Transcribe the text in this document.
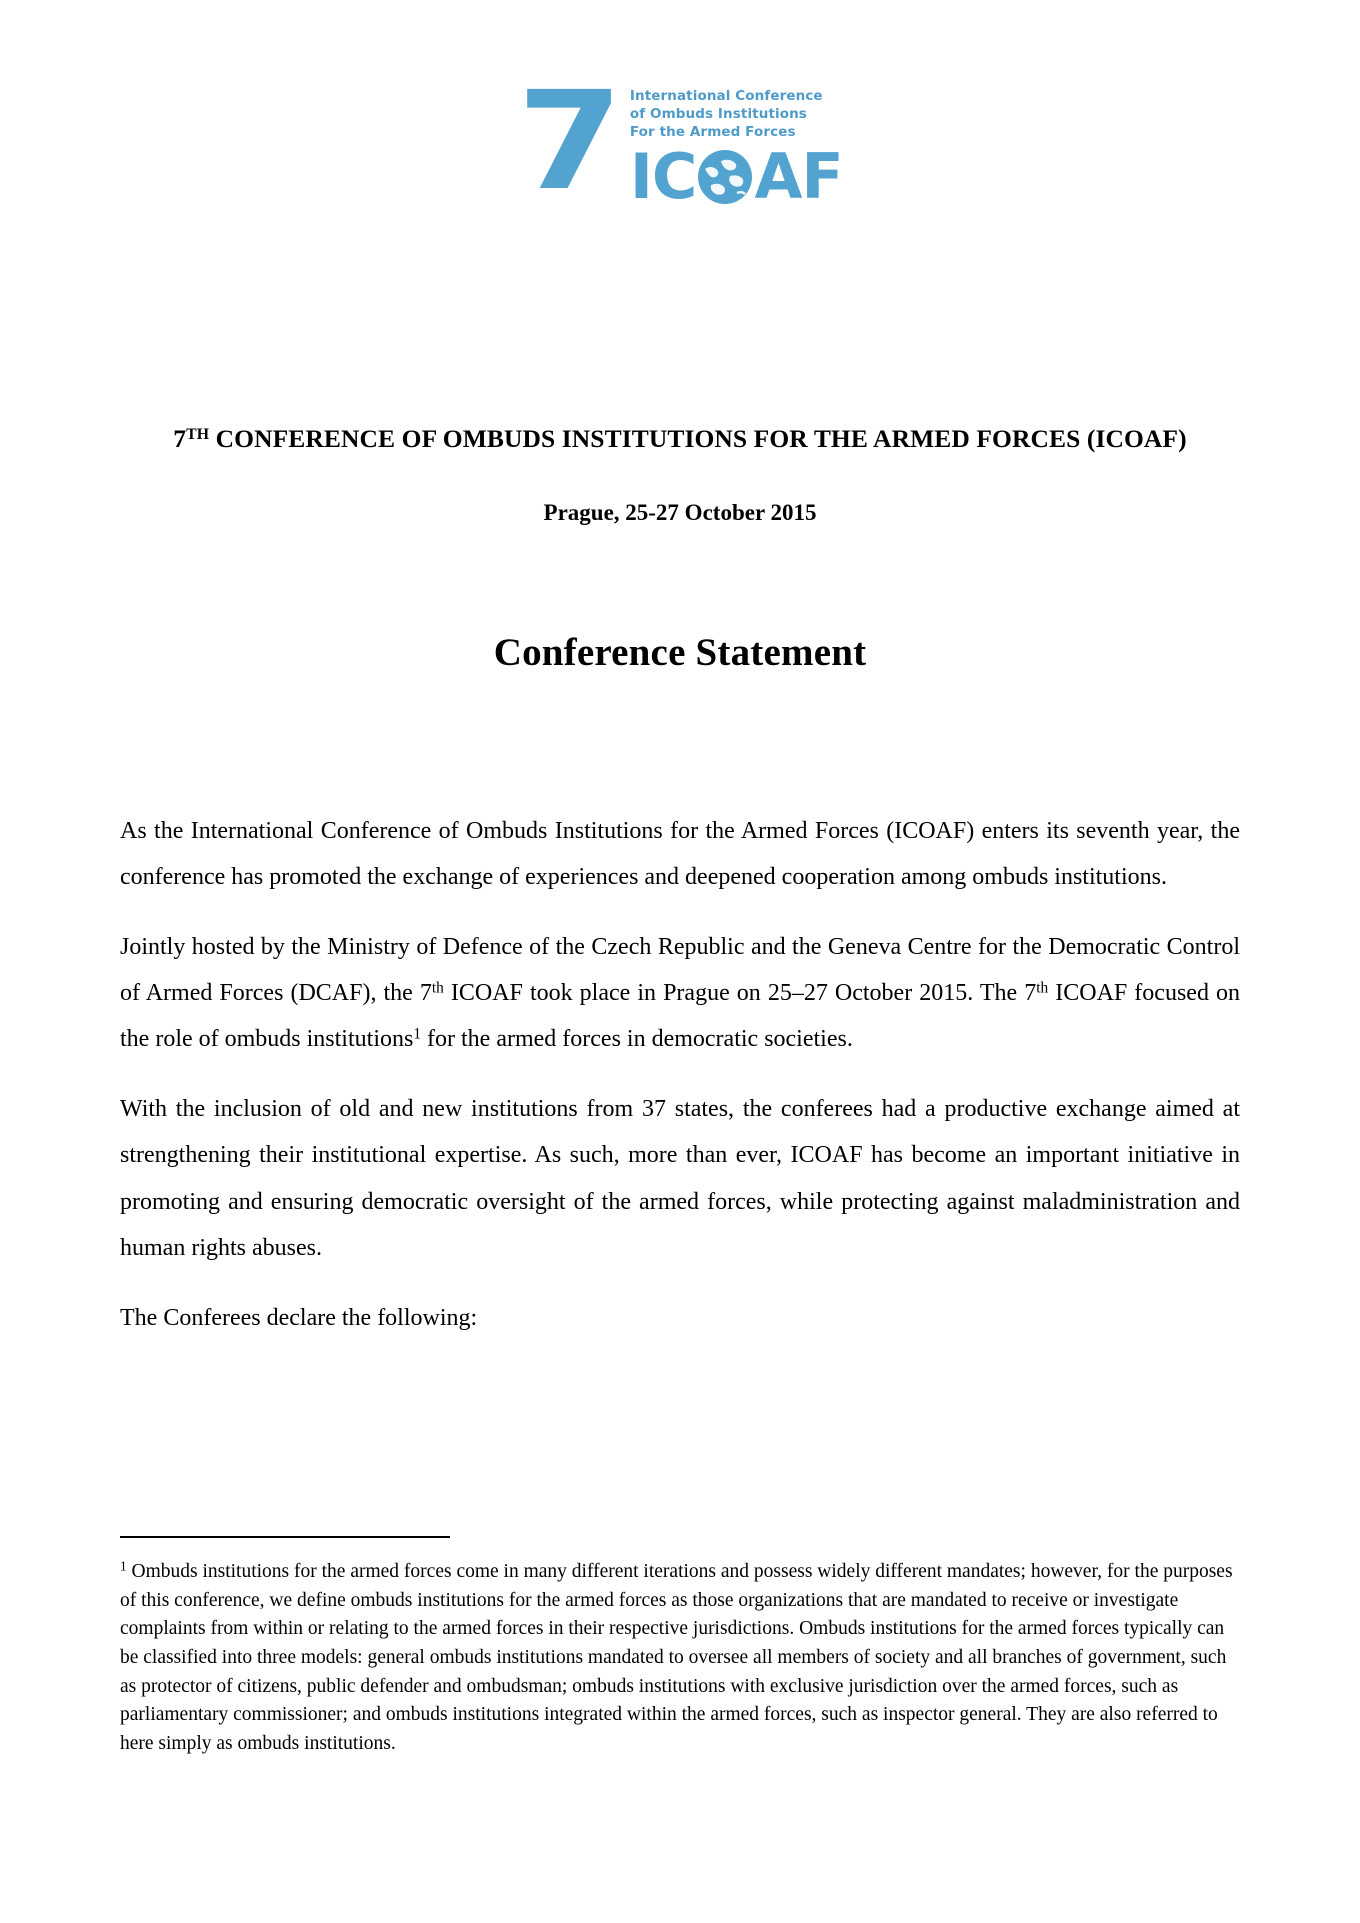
7 International Conference
of Ombuds Institutions
For the Armed Forces
IC AF
7TH CONFERENCE OF OMBUDS INSTITUTIONS FOR THE ARMED FORCES (ICOAF)
Prague, 25-27 October 2015
Conference Statement

As the International Conference of Ombuds Institutions for the Armed Forces (ICOAF) enters its seventh year, the conference has promoted the exchange of experiences and deepened cooperation among ombuds institutions.

Jointly hosted by the Ministry of Defence of the Czech Republic and the Geneva Centre for the Democratic Control of Armed Forces (DCAF), the 7th ICOAF took place in Prague on 25–27 October 2015. The 7th ICOAF focused on the role of ombuds institutions$^1$ for the armed forces in democratic societies.

With the inclusion of old and new institutions from 37 states, the conferees had a productive exchange aimed at strengthening their institutional expertise. As such, more than ever, ICOAF has become an important initiative in promoting and ensuring democratic oversight of the armed forces, while protecting against maladministration and human rights abuses.

The Conferees declare the following:

$^1$ Ombuds institutions for the armed forces come in many different iterations and possess widely different mandates; however, for the purposes of this conference, we define ombuds institutions for the armed forces as those organizations that are mandated to receive or investigate complaints from within or relating to the armed forces in their respective jurisdictions. Ombuds institutions for the armed forces typically can be classified into three models: general ombuds institutions mandated to oversee all members of society and all branches of government, such as protector of citizens, public defender and ombudsman; ombuds institutions with exclusive jurisdiction over the armed forces, such as parliamentary commissioner; and ombuds institutions integrated within the armed forces, such as inspector general. They are also referred to here simply as ombuds institutions.
